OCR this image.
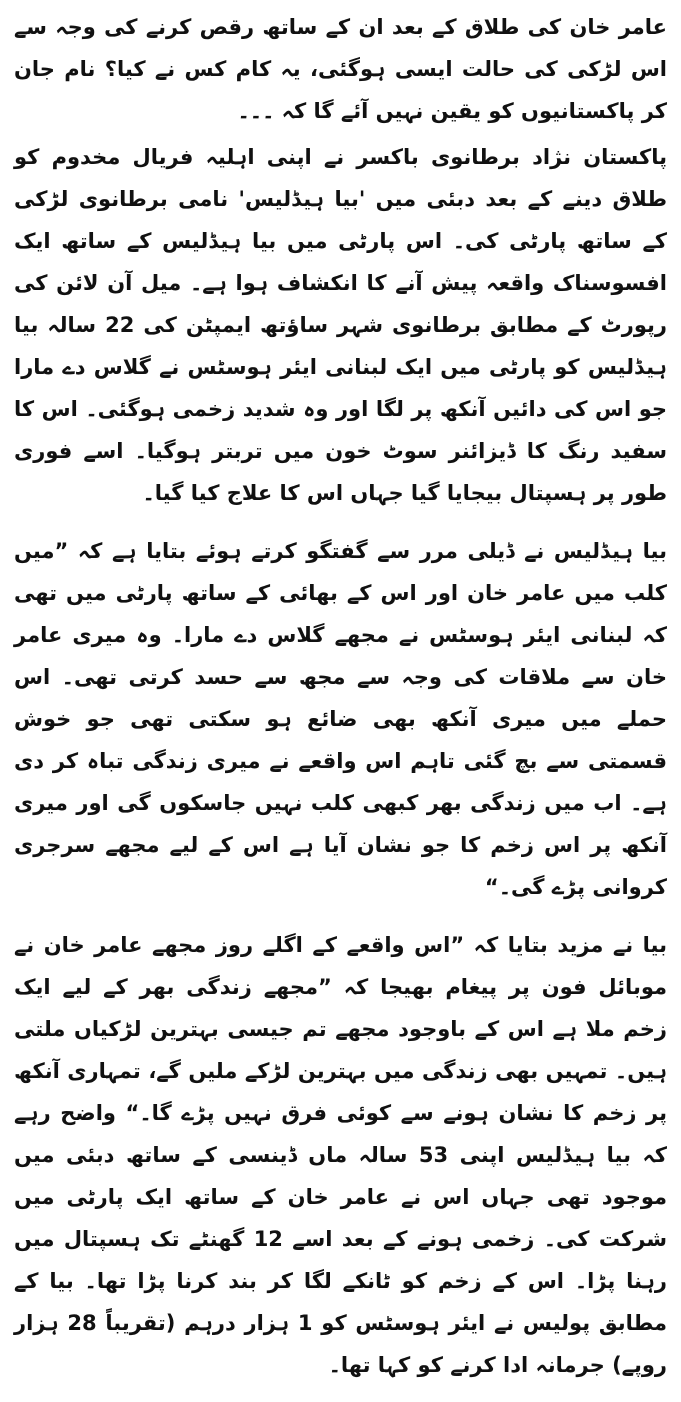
عامر خان کی طلاق کے بعد ان کے ساتھ رقص کرنے کی وجہ سے اس لڑکی کی حالت ایسی ہوگئی، یہ کام کس نے کیا؟ نام جان کر پاکستانیوں کو یقین نہیں آئے گا کہ ۔۔۔

پاکستان نژاد برطانوی باکسر نے اپنی اہلیہ فریال مخدوم کو طلاق دینے کے بعد دبئی میں 'بیا ہیڈلیس' نامی برطانوی لڑکی کے ساتھ پارٹی کی۔ اس پارٹی میں بیا ہیڈلیس کے ساتھ ایک افسوسناک واقعہ پیش آنے کا انکشاف ہوا ہے۔ میل آن لائن کی رپورٹ کے مطابق برطانوی شہر ساؤتھ ایمپٹن کی 22 سالہ بیا ہیڈلیس کو پارٹی میں ایک لبنانی ایئر ہوسٹس نے گلاس دے مارا جو اس کی دائیں آنکھ پر لگا اور وہ شدید زخمی ہوگئی۔ اس کا سفید رنگ کا ڈیزائنر سوٹ خون میں تربتر ہوگیا۔ اسے فوری طور پر ہسپتال بیجایا گیا جہاں اس کا علاج کیا گیا۔

بیا ہیڈلیس نے ڈیلی مرر سے گفتگو کرتے ہوئے بتایا ہے کہ ”میں کلب میں عامر خان اور اس کے بھائی کے ساتھ پارٹی میں تھی کہ لبنانی ایئر ہوسٹس نے مجھے گلاس دے مارا۔ وہ میری عامر خان سے ملاقات کی وجہ سے مجھ سے حسد کرتی تھی۔ اس حملے میں میری آنکھ بھی ضائع ہو سکتی تھی جو خوش قسمتی سے بچ گئی تاہم اس واقعے نے میری زندگی تباہ کر دی ہے۔ اب میں زندگی بھر کبھی کلب نہیں جاسکوں گی اور میری آنکھ پر اس زخم کا جو نشان آیا ہے اس کے لیے مجھے سرجری کروانی پڑے گی۔“

بیا نے مزید بتایا کہ ”اس واقعے کے اگلے روز مجھے عامر خان نے موبائل فون پر پیغام بھیجا کہ ”مجھے زندگی بھر کے لیے ایک زخم ملا ہے اس کے باوجود مجھے تم جیسی بہترین لڑکیاں ملتی ہیں۔ تمہیں بھی زندگی میں بہترین لڑکے ملیں گے، تمہاری آنکھ پر زخم کا نشان ہونے سے کوئی فرق نہیں پڑے گا۔“ واضح رہے کہ بیا ہیڈلیس اپنی 53 سالہ ماں ڈینسی کے ساتھ دبئی میں موجود تھی جہاں اس نے عامر خان کے ساتھ ایک پارٹی میں شرکت کی۔ زخمی ہونے کے بعد اسے 12 گھنٹے تک ہسپتال میں رہنا پڑا۔ اس کے زخم کو ٹانکے لگا کر بند کرنا پڑا تھا۔ بیا کے مطابق پولیس نے ایئر ہوسٹس کو 1 ہزار درہم (تقریباً 28 ہزار روپے) جرمانہ ادا کرنے کو کہا تھا۔
